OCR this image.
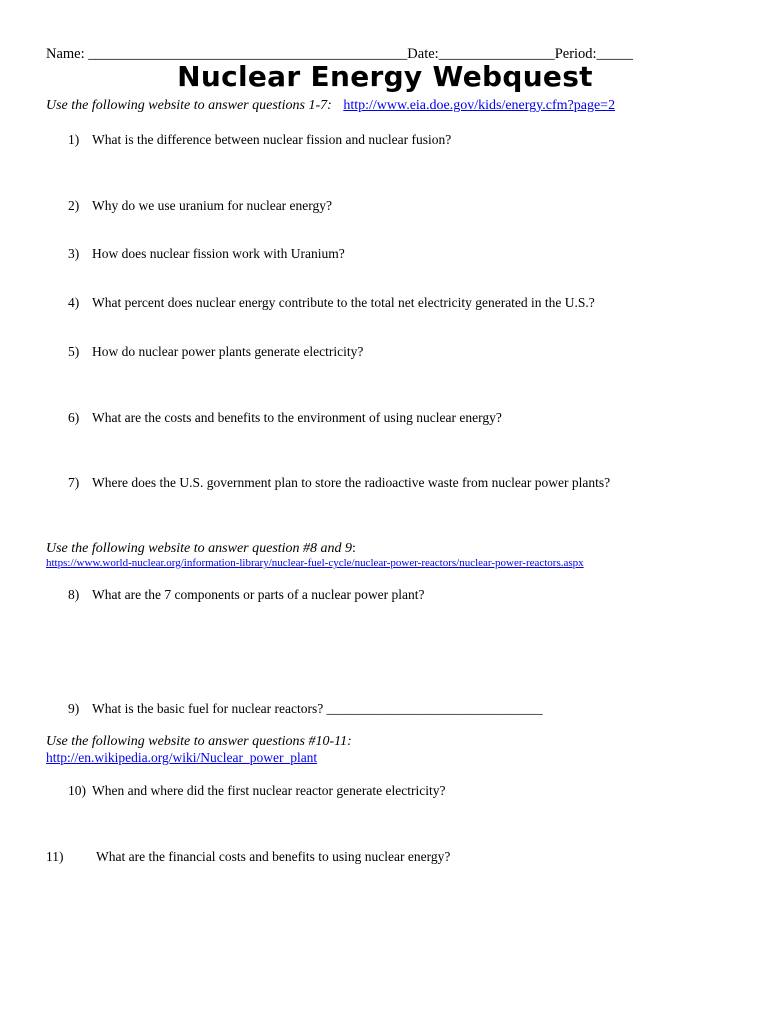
Name: ____________________________________________Date:________________Period:_____
Nuclear Energy Webquest
Use the following website to answer questions 1-7: http://www.eia.doe.gov/kids/energy.cfm?page=2
1) What is the difference between nuclear fission and nuclear fusion?
2) Why do we use uranium for nuclear energy?
3) How does nuclear fission work with Uranium?
4) What percent does nuclear energy contribute to the total net electricity generated in the U.S.?
5) How do nuclear power plants generate electricity?
6) What are the costs and benefits to the environment of using nuclear energy?
7) Where does the U.S. government plan to store the radioactive waste from nuclear power plants?
Use the following website to answer question #8 and 9:
https://www.world-nuclear.org/information-library/nuclear-fuel-cycle/nuclear-power-reactors/nuclear-power-reactors.aspx
8) What are the 7 components or parts of a nuclear power plant?
9) What is the basic fuel for nuclear reactors? ________________________________
Use the following website to answer questions #10-11:
http://en.wikipedia.org/wiki/Nuclear_power_plant
10) When and where did the first nuclear reactor generate electricity?
11) What are the financial costs and benefits to using nuclear energy?
